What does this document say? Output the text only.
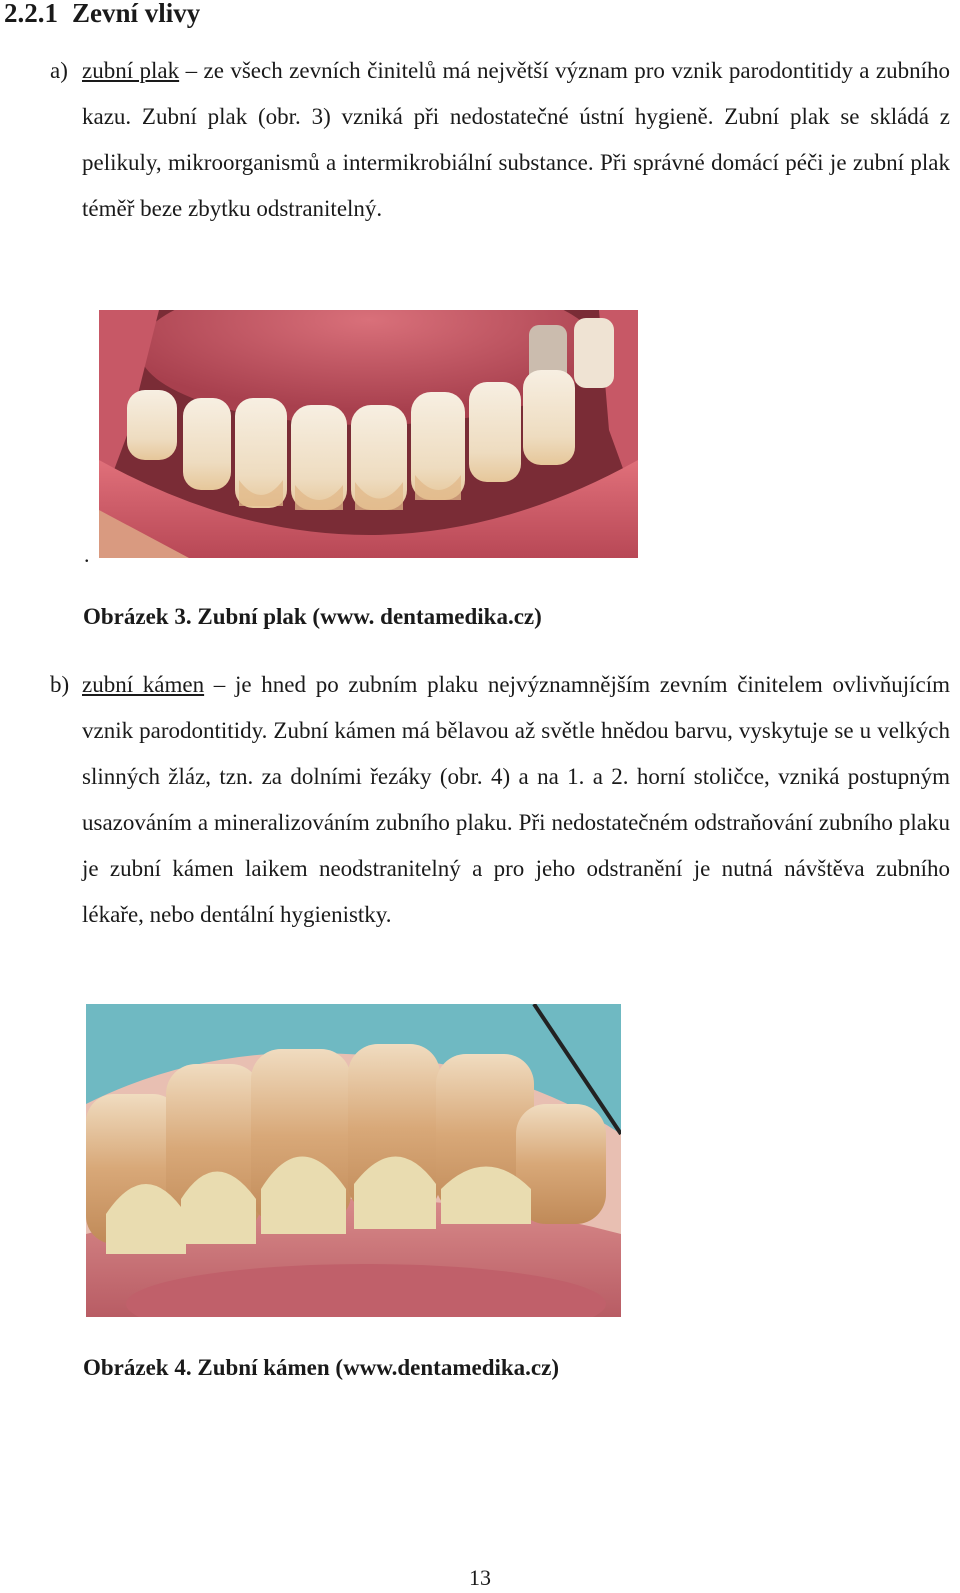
2.2.1 Zevní vlivy
a) zubní plak – ze všech zevních činitelů má největší význam pro vznik parodontitidy a zubního kazu. Zubní plak (obr. 3) vzniká při nedostatečné ústní hygieně. Zubní plak se skládá z pelikuly, mikroorganismů a intermikrobiální substance. Při správné domácí péči je zubní plak téměř beze zbytku odstranitelný.
.
Obrázek 3. Zubní plak (www. dentamedika.cz)
b) zubní kámen – je hned po zubním plaku nejvýznamnějším zevním činitelem ovlivňujícím vznik parodontitidy. Zubní kámen má bělavou až světle hnědou barvu, vyskytuje se u velkých slinných žláz, tzn. za dolními řezáky (obr. 4) a na 1. a 2. horní stoličce, vzniká postupným usazováním a mineralizováním zubního plaku. Při nedostatečném odstraňování zubního plaku je zubní kámen laikem neodstranitelný a pro jeho odstranění je nutná návštěva zubního lékaře, nebo dentální hygienistky.
Obrázek 4. Zubní kámen (www.dentamedika.cz)
13
